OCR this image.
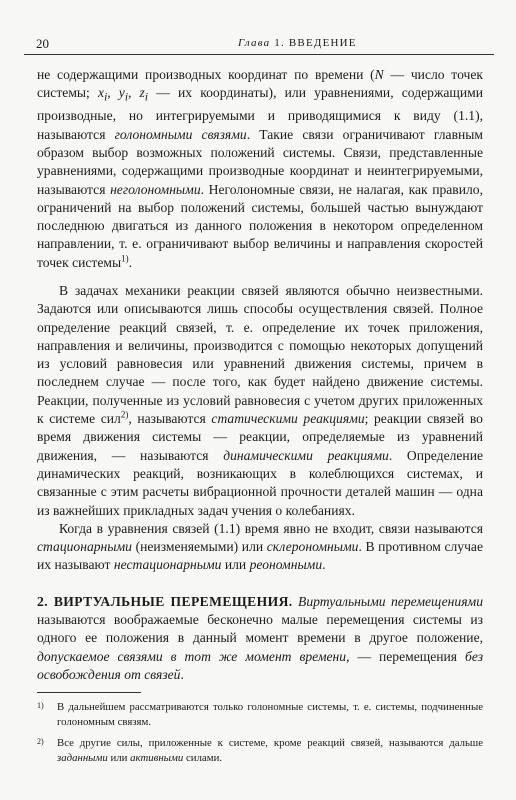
20	Глава 1. ВВЕДЕНИЕ

не содержащими производных координат по времени (N — число точек системы; $x_i$, $y_i$, $z_i$ — их координаты), или уравнениями, содержащими производные, но интегрируемыми и приводящимися к виду (1.1), называются голономными связями. Такие связи ограничивают главным образом выбор возможных положений системы. Связи, представленные уравнениями, содержащими производные координат и неинтегрируемыми, называются неголономными. Неголономные связи, не налагая, как правило, ограничений на выбор положений системы, большей частью вынуждают последнюю двигаться из данного положения в некотором определенном направлении, т. е. ограничивают выбор величины и направления скоростей точек системы$^{1)}$.

В задачах механики реакции связей являются обычно неизвестными. Задаются или описываются лишь способы осуществления связей. Полное определение реакций связей, т. е. определение их точек приложения, направления и величины, производится с помощью некоторых допущений из условий равновесия или уравнений движения системы, причем в последнем случае — после того, как будет найдено движение системы. Реакции, полученные из условий равновесия с учетом других приложенных к системе сил$^{2)}$, называются статическими реакциями; реакции связей во время движения системы — реакции, определяемые из уравнений движения, — называются динамическими реакциями. Определение динамических реакций, возникающих в колеблющихся системах, и связанные с этим расчеты вибрационной прочности деталей машин — одна из важнейших прикладных задач учения о колебаниях.

Когда в уравнения связей (1.1) время явно не входит, связи называются стационарными (неизменяемыми) или склерономными. В противном случае их называют нестационарными или реономными.

2. ВИРТУАЛЬНЫЕ ПЕРЕМЕЩЕНИЯ. Виртуальными перемещениями называются воображаемые бесконечно малые перемещения системы из одного ее положения в данный момент времени в другое положение, допускаемое связями в тот же момент времени, — перемещения без освобождения от связей.

1)	В дальнейшем рассматриваются только голономные системы, т. е. системы, подчиненные голономным связям.
2)	Все другие силы, приложенные к системе, кроме реакций связей, называются дальше заданными или активными силами.
